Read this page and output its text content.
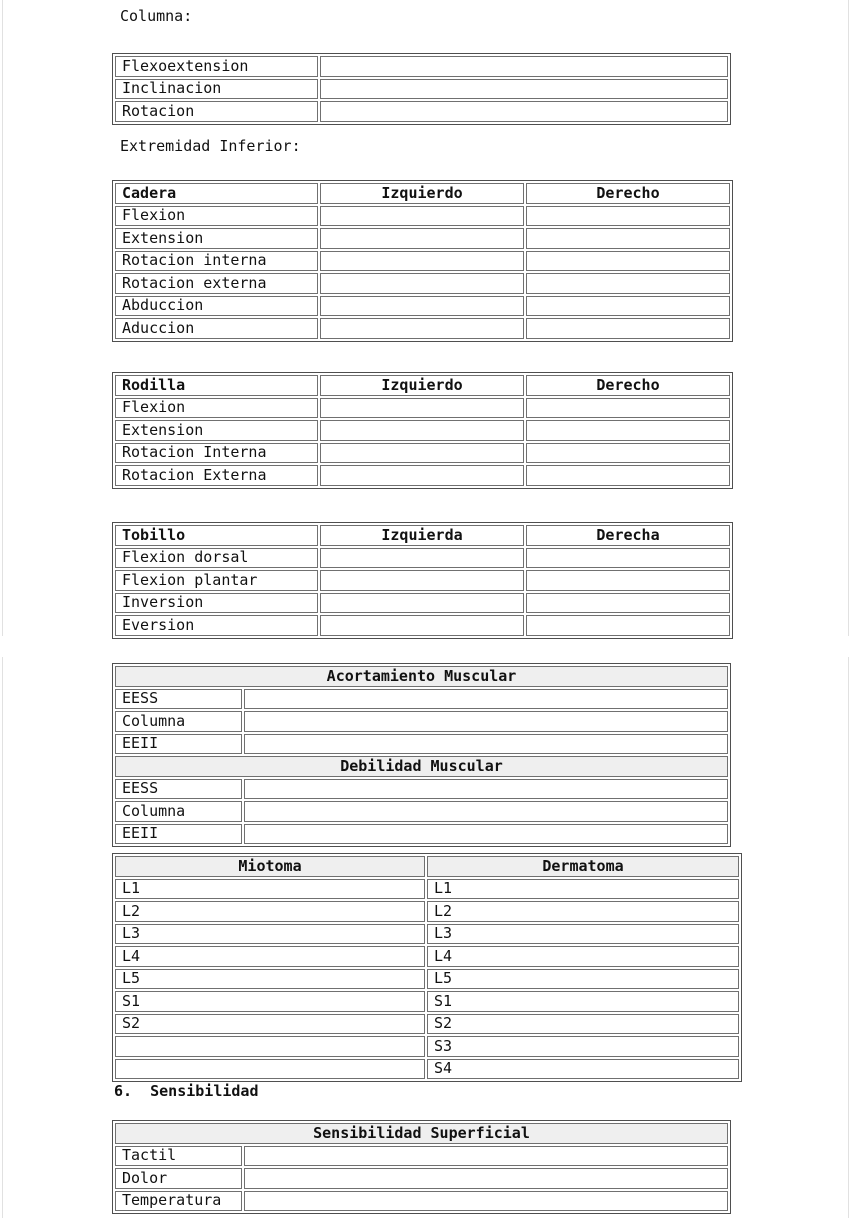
Columna:
Flexoextension	
Inclinacion	
Rotacion	
Extremidad Inferior:
Cadera	Izquierdo	Derecho
Flexion		
Extension		
Rotacion interna		
Rotacion externa		
Abduccion		
Aduccion		
Rodilla	Izquierdo	Derecho
Flexion		
Extension		
Rotacion Interna		
Rotacion Externa		
Tobillo	Izquierda	Derecha
Flexion dorsal		
Flexion plantar		
Inversion		
Eversion		
Acortamiento Muscular	
EESS	
Columna	
EEII	
Debilidad Muscular	
EESS	
Columna	
EEII	
Miotoma	Dermatoma
L1	L1
L2	L2
L3	L3
L4	L4
L5	L5
S1	S1
S2	S2
	S3
	S4
6.  Sensibilidad
Sensibilidad Superficial	
Tactil	
Dolor	
Temperatura	
